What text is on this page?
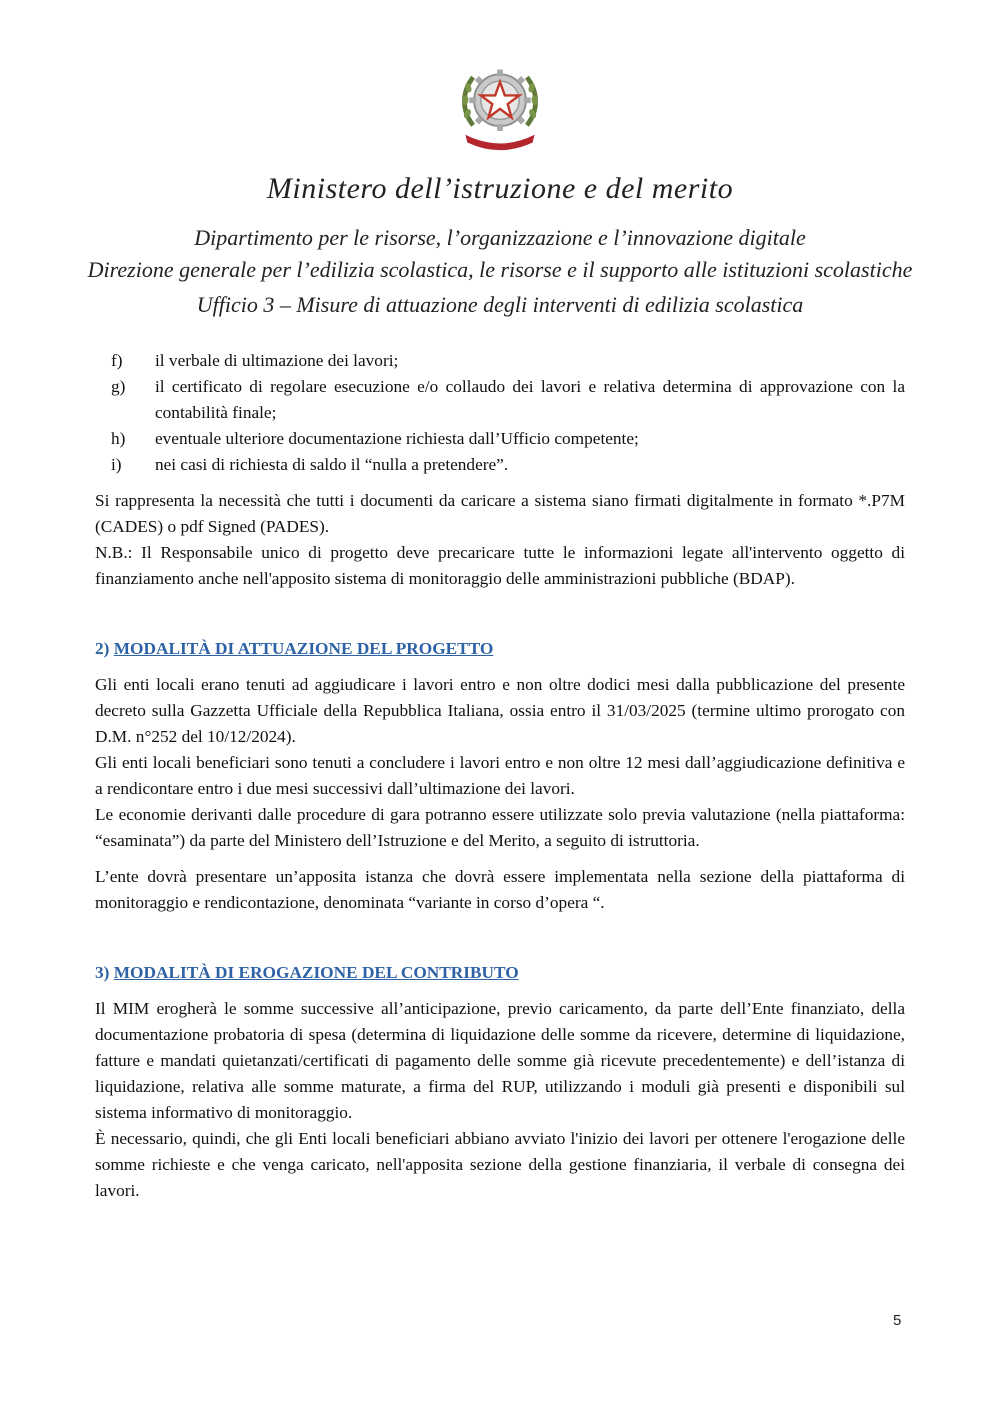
Ministero dell’istruzione e del merito
Dipartimento per le risorse, l’organizzazione e l’innovazione digitale
Direzione generale per l’edilizia scolastica, le risorse e il supporto alle istituzioni scolastiche
Ufficio 3 – Misure di attuazione degli interventi di edilizia scolastica
f) il verbale di ultimazione dei lavori;
g) il certificato di regolare esecuzione e/o collaudo dei lavori e relativa determina di approvazione con la contabilità finale;
h) eventuale ulteriore documentazione richiesta dall’Ufficio competente;
i) nei casi di richiesta di saldo il “nulla a pretendere”.

Si rappresenta la necessità che tutti i documenti da caricare a sistema siano firmati digitalmente in formato *.P7M (CADES) o pdf Signed (PADES).

N.B.: Il Responsabile unico di progetto deve precaricare tutte le informazioni legate all'intervento oggetto di finanziamento anche nell'apposito sistema di monitoraggio delle amministrazioni pubbliche (BDAP).

2) MODALITÀ DI ATTUAZIONE DEL PROGETTO

Gli enti locali erano tenuti ad aggiudicare i lavori entro e non oltre dodici mesi dalla pubblicazione del presente decreto sulla Gazzetta Ufficiale della Repubblica Italiana, ossia entro il 31/03/2025 (termine ultimo prorogato con D.M. n°252 del 10/12/2024).

Gli enti locali beneficiari sono tenuti a concludere i lavori entro e non oltre 12 mesi dall’aggiudicazione definitiva e a rendicontare entro i due mesi successivi dall’ultimazione dei lavori.

Le economie derivanti dalle procedure di gara potranno essere utilizzate solo previa valutazione (nella piattaforma: “esaminata”) da parte del Ministero dell’Istruzione e del Merito, a seguito di istruttoria.

L’ente dovrà presentare un’apposita istanza che dovrà essere implementata nella sezione della piattaforma di monitoraggio e rendicontazione, denominata “variante in corso d’opera “.

3) MODALITÀ DI EROGAZIONE DEL CONTRIBUTO

Il MIM erogherà le somme successive all’anticipazione, previo caricamento, da parte dell’Ente finanziato, della documentazione probatoria di spesa (determina di liquidazione delle somme da ricevere, determine di liquidazione, fatture e mandati quietanzati/certificati di pagamento delle somme già ricevute precedentemente) e dell’istanza di liquidazione, relativa alle somme maturate, a firma del RUP, utilizzando i moduli già presenti e disponibili sul sistema informativo di monitoraggio.

È necessario, quindi, che gli Enti locali beneficiari abbiano avviato l'inizio dei lavori per ottenere l'erogazione delle somme richieste e che venga caricato, nell'apposita sezione della gestione finanziaria, il verbale di consegna dei lavori.

5
